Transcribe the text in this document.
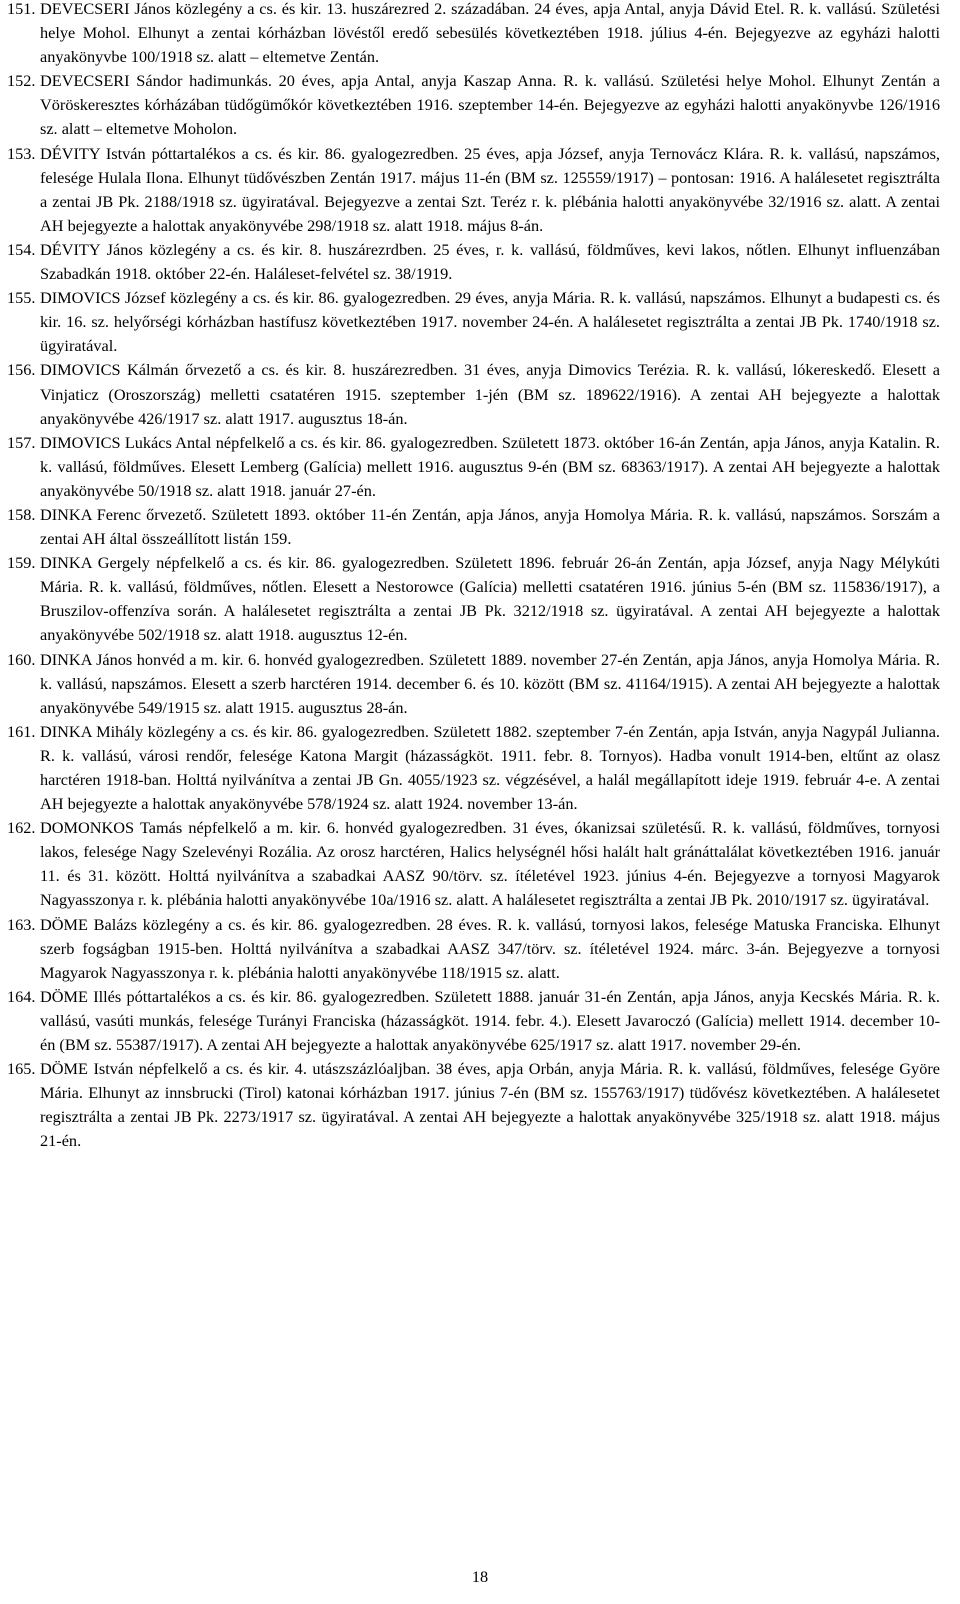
151. DEVECSERI János közlegény a cs. és kir. 13. huszárezred 2. századában. 24 éves, apja Antal, anyja Dávid Etel. R. k. vallású. Születési helye Mohol. Elhunyt a zentai kórházban lövéstől eredő sebesülés következtében 1918. július 4-én. Bejegyezve az egyházi halotti anyakönyvbe 100/1918 sz. alatt – eltemetve Zentán.
152. DEVECSERI Sándor hadimunkás. 20 éves, apja Antal, anyja Kaszap Anna. R. k. vallású. Születési helye Mohol. Elhunyt Zentán a Vöröskeresztes kórházában tüdőgümőkór következtében 1916. szeptember 14-én. Bejegyezve az egyházi halotti anyakönyvbe 126/1916 sz. alatt – eltemetve Moholon.
153. DÉVITY István póttartalékos a cs. és kir. 86. gyalogezredben. 25 éves, apja József, anyja Ternovácz Klára. R. k. vallású, napszámos, felesége Hulala Ilona. Elhunyt tüdővészben Zentán 1917. május 11-én (BM sz. 125559/1917) – pontosan: 1916. A halálesetet regisztrálta a zentai JB Pk. 2188/1918 sz. ügyiratával. Bejegyezve a zentai Szt. Teréz r. k. plébánia halotti anyakönyvébe 32/1916 sz. alatt. A zentai AH bejegyezte a halottak anyakönyvébe 298/1918 sz. alatt 1918. május 8-án.
154. DÉVITY János közlegény a cs. és kir. 8. huszárezrdben. 25 éves, r. k. vallású, földműves, kevi lakos, nőtlen. Elhunyt influenzában Szabadkán 1918. október 22-én. Haláleset-felvétel sz. 38/1919.
155. DIMOVICS József közlegény a cs. és kir. 86. gyalogezredben. 29 éves, anyja Mária. R. k. vallású, napszámos. Elhunyt a budapesti cs. és kir. 16. sz. helyőrségi kórházban hastífusz következtében 1917. november 24-én. A halálesetet regisztrálta a zentai JB Pk. 1740/1918 sz. ügyiratával.
156. DIMOVICS Kálmán őrvezető a cs. és kir. 8. huszárezredben. 31 éves, anyja Dimovics Terézia. R. k. vallású, lókereskedő. Elesett a Vinjaticz (Oroszország) melletti csatatéren 1915. szeptember 1-jén (BM sz. 189622/1916). A zentai AH bejegyezte a halottak anyakönyvébe 426/1917 sz. alatt 1917. augusztus 18-án.
157. DIMOVICS Lukács Antal népfelkelő a cs. és kir. 86. gyalogezredben. Született 1873. október 16-án Zentán, apja János, anyja Katalin. R. k. vallású, földműves. Elesett Lemberg (Galícia) mellett 1916. augusztus 9-én (BM sz. 68363/1917). A zentai AH bejegyezte a halottak anyakönyvébe 50/1918 sz. alatt 1918. január 27-én.
158. DINKA Ferenc őrvezető. Született 1893. október 11-én Zentán, apja János, anyja Homolya Mária. R. k. vallású, napszámos. Sorszám a zentai AH által összeállított listán 159.
159. DINKA Gergely népfelkelő a cs. és kir. 86. gyalogezredben. Született 1896. február 26-án Zentán, apja József, anyja Nagy Mélykúti Mária. R. k. vallású, földműves, nőtlen. Elesett a Nestorowce (Galícia) melletti csatatéren 1916. június 5-én (BM sz. 115836/1917), a Bruszilov-offenzíva során. A halálesetet regisztrálta a zentai JB Pk. 3212/1918 sz. ügyiratával. A zentai AH bejegyezte a halottak anyakönyvébe 502/1918 sz. alatt 1918. augusztus 12-én.
160. DINKA János honvéd a m. kir. 6. honvéd gyalogezredben. Született 1889. november 27-én Zentán, apja János, anyja Homolya Mária. R. k. vallású, napszámos. Elesett a szerb harctéren 1914. december 6. és 10. között (BM sz. 41164/1915). A zentai AH bejegyezte a halottak anyakönyvébe 549/1915 sz. alatt 1915. augusztus 28-án.
161. DINKA Mihály közlegény a cs. és kir. 86. gyalogezredben. Született 1882. szeptember 7-én Zentán, apja István, anyja Nagypál Julianna. R. k. vallású, városi rendőr, felesége Katona Margit (házasságköt. 1911. febr. 8. Tornyos). Hadba vonult 1914-ben, eltűnt az olasz harctéren 1918-ban. Holttá nyilvánítva a zentai JB Gn. 4055/1923 sz. végzésével, a halál megállapított ideje 1919. február 4-e. A zentai AH bejegyezte a halottak anyakönyvébe 578/1924 sz. alatt 1924. november 13-án.
162. DOMONKOS Tamás népfelkelő a m. kir. 6. honvéd gyalogezredben. 31 éves, ókanizsai születésű. R. k. vallású, földműves, tornyosi lakos, felesége Nagy Szelevényi Rozália. Az orosz harctéren, Halics helységnél hősi halált halt gránáttalálat következtében 1916. január 11. és 31. között. Holttá nyilvánítva a szabadkai AASZ 90/törv. sz. ítéletével 1923. június 4-én. Bejegyezve a tornyosi Magyarok Nagyasszonya r. k. plébánia halotti anyakönyvébe 10a/1916 sz. alatt. A halálesetet regisztrálta a zentai JB Pk. 2010/1917 sz. ügyiratával.
163. DÖME Balázs közlegény a cs. és kir. 86. gyalogezredben. 28 éves. R. k. vallású, tornyosi lakos, felesége Matuska Franciska. Elhunyt szerb fogságban 1915-ben. Holttá nyilvánítva a szabadkai AASZ 347/törv. sz. ítéletével 1924. márc. 3-án. Bejegyezve a tornyosi Magyarok Nagyasszonya r. k. plébánia halotti anyakönyvébe 118/1915 sz. alatt.
164. DÖME Illés póttartalékos a cs. és kir. 86. gyalogezredben. Született 1888. január 31-én Zentán, apja János, anyja Kecskés Mária. R. k. vallású, vasúti munkás, felesége Turányi Franciska (házasságköt. 1914. febr. 4.). Elesett Javaroczó (Galícia) mellett 1914. december 10-én (BM sz. 55387/1917). A zentai AH bejegyezte a halottak anyakönyvébe 625/1917 sz. alatt 1917. november 29-én.
165. DÖME István népfelkelő a cs. és kir. 4. utászszázlóaljban. 38 éves, apja Orbán, anyja Mária. R. k. vallású, földműves, felesége Györe Mária. Elhunyt az innsbrucki (Tirol) katonai kórházban 1917. június 7-én (BM sz. 155763/1917) tüdővész következtében. A halálesetet regisztrálta a zentai JB Pk. 2273/1917 sz. ügyiratával. A zentai AH bejegyezte a halottak anyakönyvébe 325/1918 sz. alatt 1918. május 21-én.
18
